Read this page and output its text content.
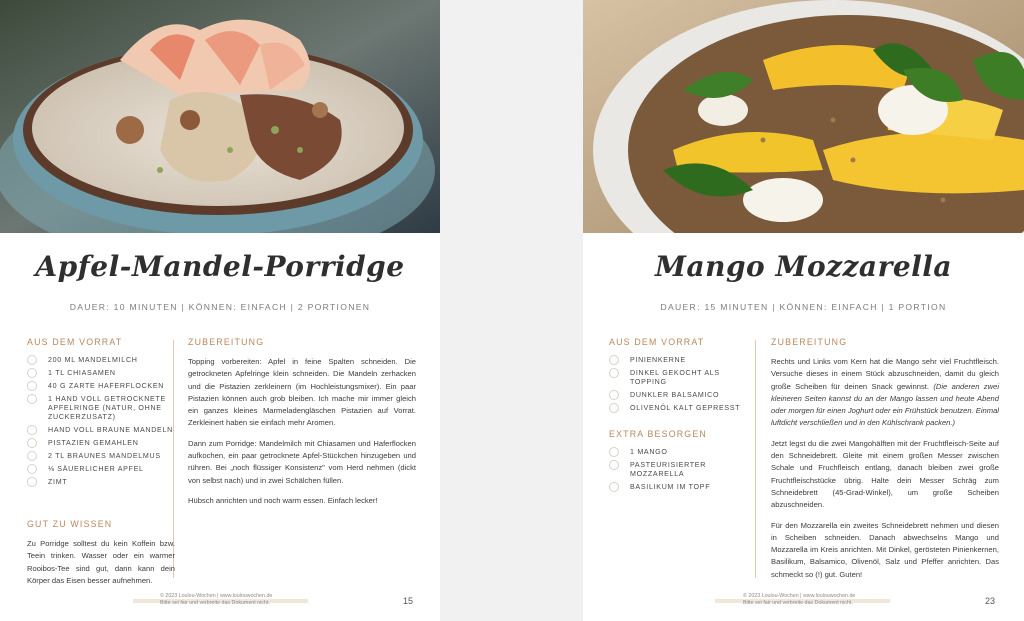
Apfel-Mandel-Porridge
DAUER: 10 MINUTEN | KÖNNEN: EINFACH | 2 PORTIONEN
AUS DEM VORRAT
200 ML MANDELMILCH
1 TL CHIASAMEN
40 G ZARTE HAFERFLOCKEN
1 HAND VOLL GETROCKNETE APFELRINGE (NATUR, OHNE ZUCKERZUSATZ)
HAND VOLL BRAUNE MANDELN
PISTAZIEN GEMAHLEN
2 TL BRAUNES MANDELMUS
⅛ SÄUERLICHER APFEL
ZIMT
GUT ZU WISSEN

Zu Porridge solltest du kein Koffein bzw. Teein trinken. Wasser oder ein warmer Rooibos-Tee sind gut, dann kann dein Körper das Eisen besser aufnehmen.

ZUBEREITUNG

Topping vorbereiten: Apfel in feine Spalten schneiden. Die getrockneten Apfelringe klein schneiden. Die Mandeln zerhacken und die Pistazien zerkleinern (im Hochleistungsmixer). Ein paar Pistazien können auch grob bleiben. Ich mache mir immer gleich ein ganzes kleines Marmeladengläschen Pistazien auf Vorrat. Zerkleinert haben sie einfach mehr Aromen.

Dann zum Porridge: Mandelmilch mit Chiasamen und Haferflocken aufkochen, ein paar getrocknete Apfel-Stückchen hinzugeben und rühren. Bei „noch flüssiger Konsistenz" vom Herd nehmen (dickt von selbst nach) und in zwei Schälchen füllen.

Hübsch anrichten und noch warm essen. Einfach lecker!

© 2023 Loulou-Wochen | www.loulouwochen.de
Bitte sei fair und verbreite das Dokument nicht.	15
Mango Mozzarella
DAUER: 15 MINUTEN | KÖNNEN: EINFACH | 1 PORTION
AUS DEM VORRAT
PINIENKERNE
DINKEL GEKOCHT ALS TOPPING
DUNKLER BALSAMICO
OLIVENÖL KALT GEPRESST
EXTRA BESORGEN
1 MANGO
PASTEURISIERTER MOZZARELLA
BASILIKUM IM TOPF
ZUBEREITUNG

Rechts und Links vom Kern hat die Mango sehr viel Fruchtfleisch. Versuche dieses in einem Stück abzuschneiden, damit du gleich große Scheiben für deinen Snack gewinnst. (Die anderen zwei kleineren Seiten kannst du an der Mango lassen und heute Abend oder morgen für einen Joghurt oder ein Frühstück benutzen. Einmal luftdicht verschließen und in den Kühlschrank packen.)

Jetzt legst du die zwei Mangohälften mit der Fruchtfleisch-Seite auf den Schneidebrett. Gleite mit einem großen Messer zwischen Schale und Fruchfleisch entlang, danach bleiben zwei große Fruchtfleischstücke übrig. Halte dein Messer Schräg zum Schneidebrett (45-Grad-Winkel), um große Scheiben abzuschneiden.

Für den Mozzarella ein zweites Schneidebrett nehmen und diesen in Scheiben schneiden. Danach abwechselns Mango und Mozzarella im Kreis anrichten. Mit Dinkel, gerösteten Pinienkernen, Basilikum, Balsamico, Olivenöl, Salz und Pfeffer anrichten. Das schmeckt so (!) gut. Guten!

© 2023 Loulou-Wochen | www.loulouwochen.de
Bitte sei fair und verbreite das Dokument nicht.	23
